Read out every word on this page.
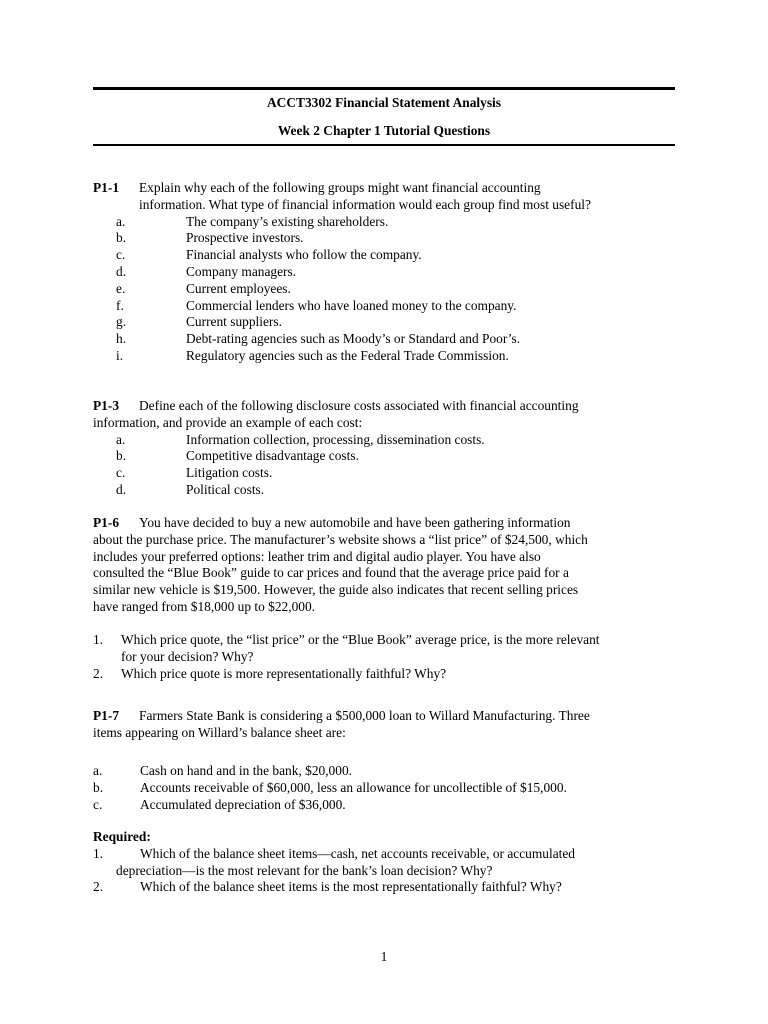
ACCT3302 Financial Statement Analysis
Week 2 Chapter 1 Tutorial Questions
P1-1 Explain why each of the following groups might want financial accounting
information. What type of financial information would each group find most useful?
a.	The company’s existing shareholders.
b.	Prospective investors.
c.	Financial analysts who follow the company.
d.	Company managers.
e.	Current employees.
f.	Commercial lenders who have loaned money to the company.
g.	Current suppliers.
h.	Debt-rating agencies such as Moody’s or Standard and Poor’s.
i.	Regulatory agencies such as the Federal Trade Commission.
P1-3 Define each of the following disclosure costs associated with financial accounting
information, and provide an example of each cost:
a.	Information collection, processing, dissemination costs.
b.	Competitive disadvantage costs.
c.	Litigation costs.
d.	Political costs.
P1-6 You have decided to buy a new automobile and have been gathering information
about the purchase price. The manufacturer’s website shows a “list price” of $24,500, which
includes your preferred options: leather trim and digital audio player. You have also
consulted the “Blue Book” guide to car prices and found that the average price paid for a
similar new vehicle is $19,500. However, the guide also indicates that recent selling prices
have ranged from $18,000 up to $22,000.
1. Which price quote, the “list price” or the “Blue Book” average price, is the more relevant
for your decision? Why?
2. Which price quote is more representationally faithful? Why?
P1-7 Farmers State Bank is considering a $500,000 loan to Willard Manufacturing. Three
items appearing on Willard’s balance sheet are:
a.	Cash on hand and in the bank, $20,000.
b.	Accounts receivable of $60,000, less an allowance for uncollectible of $15,000.
c.	Accumulated depreciation of $36,000.
Required:
1.	Which of the balance sheet items—cash, net accounts receivable, or accumulated
depreciation—is the most relevant for the bank’s loan decision? Why?
2.	Which of the balance sheet items is the most representationally faithful? Why?
1
